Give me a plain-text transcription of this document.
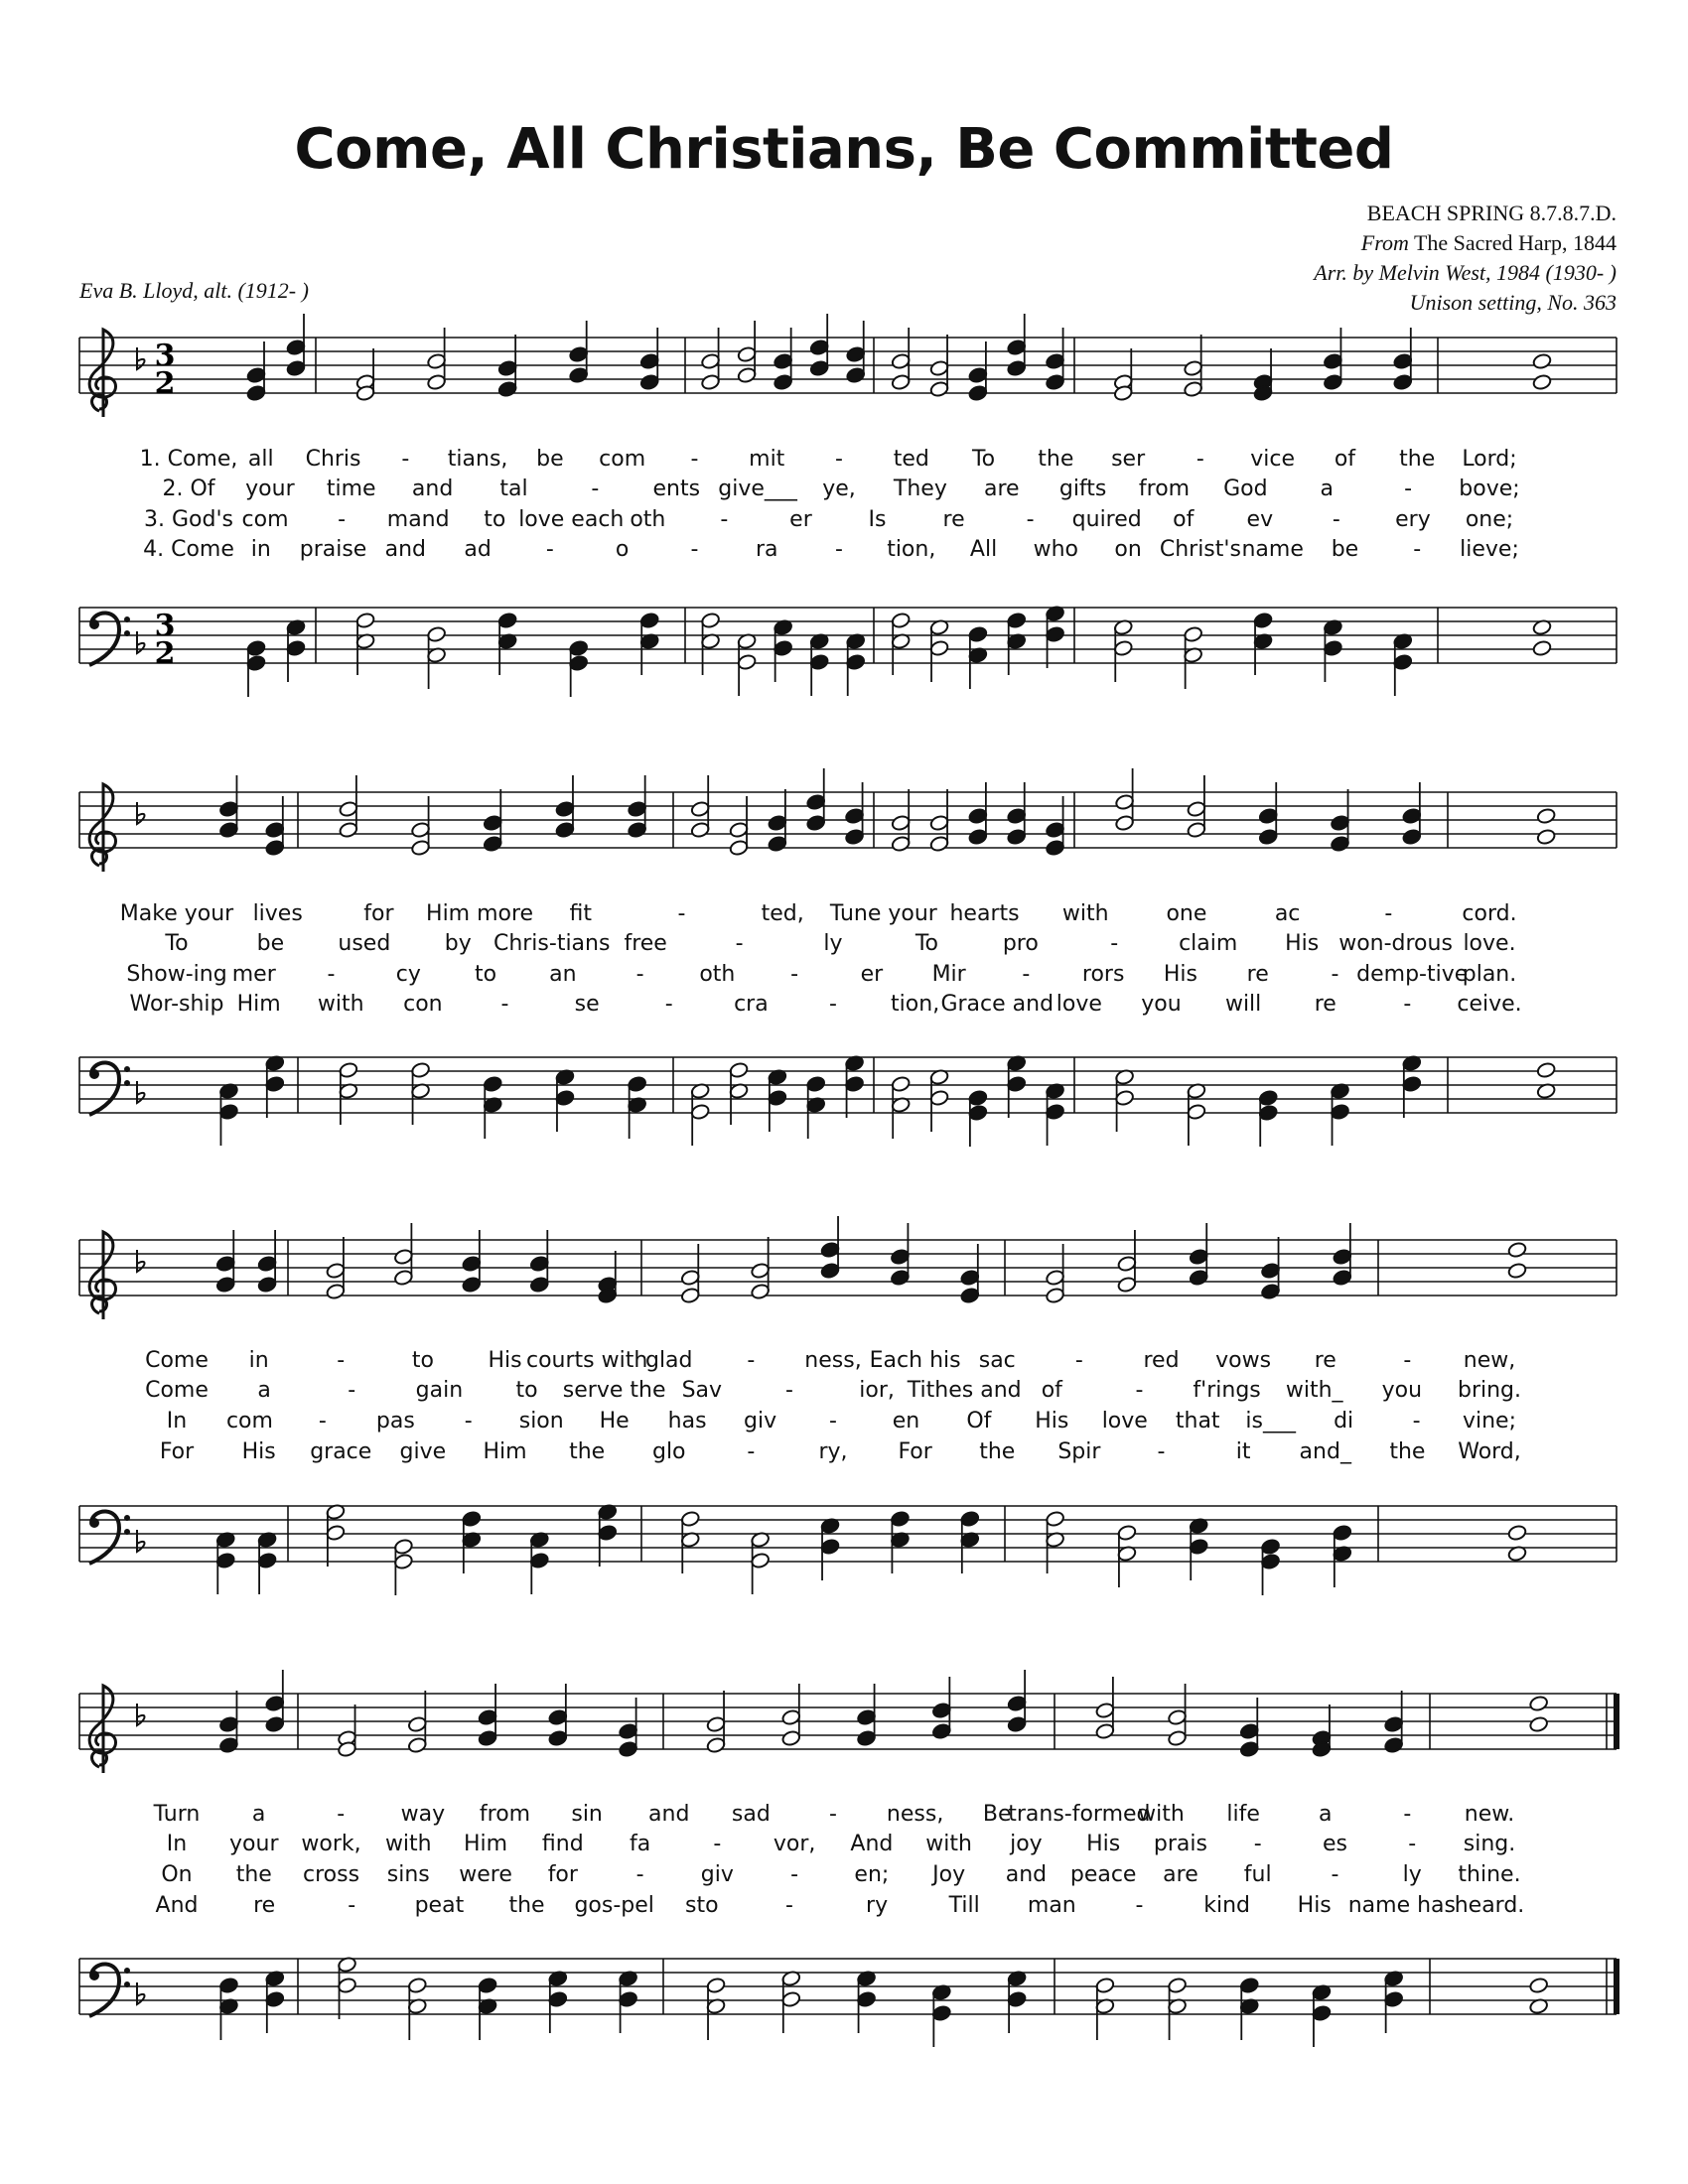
Come, All Christians, Be Committed
BEACH SPRING 8.7.8.7.D.
From The Sacred Harp, 1844
Arr. by Melvin West, 1984 (1930- )
Unison setting, No. 363
Eva B. Lloyd, alt. (1912- )
3
2
3
2
1. Come, all Chris - tians, be com - mit - ted To the ser - vice of the Lord;
2. Of your time and tal	- ents give___ ye, They are gifts from God a	- bove;
3. God's com - mand to love each oth	-	er	Is	re	- quired of ev	-	ery one;
4. Come in praise and ad	-	o	-	ra	- tion, All who on Christ's name be	- lieve;
Make your lives	for Him more fit	-	ted, Tune your hearts with	one	ac	-	cord.
To	be used by Chris-tians free	-	ly	To	pro	-	claim His won-drous love.
Show-ing mer -	cy to an	-	oth	-	er Mir	- rors His re	- demp-tive
plan.
Wor-ship Him with con	-	se	-	cra	- tion, Grace and love you will re	- ceive.
Come in	-	to His courts with
glad - ness, Each his sac	-	red vows re	- new,
Come a	-	gain to serve the Sav	-	ior, Tithes and of	- f'rings with_ you bring.
In com - pas - sion He has giv -	en Of His love that is___ di	- vine;
For His grace give Him the glo	-	ry, For the Spir	-	it and_ the Word,
Turn a	-	way from sin and sad	- ness, Be
trans-formed
with life	a	- new.
In your work, with Him find fa	- vor, And with joy His prais -	es	- sing.
On the cross sins were for	-	giv	-	en; Joy and peace are ful	-	ly thine.
And	re	-	peat the gos-pel sto	-	ry	Till man	-	kind His name has
heard.
